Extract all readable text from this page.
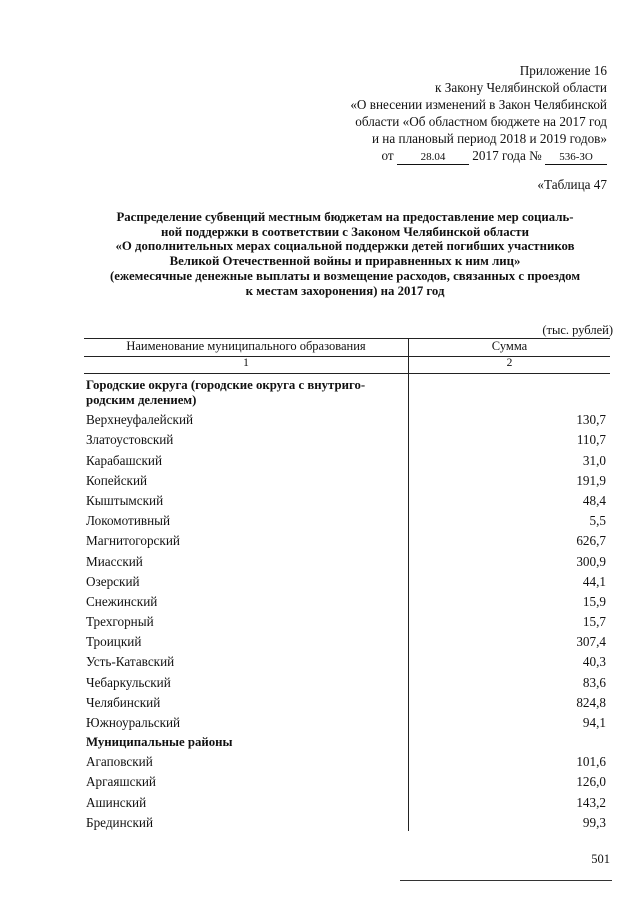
Приложение 16
к Закону Челябинской области
«О внесении изменений в Закон Челябинской
области «Об областном бюджете на 2017 год
и на плановый период 2018 и 2019 годов»
от 28.04 2017 года № 536-ЗО
«Таблица 47
Распределение субвенций местным бюджетам на предоставление мер социаль-
ной поддержки в соответствии с Законом Челябинской области
«О дополнительных мерах социальной поддержки детей погибших участников
Великой Отечественной войны и приравненных к ним лиц»
(ежемесячные денежные выплаты и возмещение расходов, связанных с проездом
к местам захоронения) на 2017 год
(тыс. рублей)
Наименование муниципального образования	Сумма
1	2
Городские округа (городские округа с внутриго-родским делением)
Верхнеуфалейский	130,7
Златоустовский	110,7
Карабашский	31,0
Копейский	191,9
Кыштымский	48,4
Локомотивный	5,5
Магнитогорский	626,7
Миасский	300,9
Озерский	44,1
Снежинский	15,9
Трехгорный	15,7
Троицкий	307,4
Усть-Катавский	40,3
Чебаркульский	83,6
Челябинский	824,8
Южноуральский	94,1
Муниципальные районы
Агаповский	101,6
Аргаяшский	126,0
Ашинский	143,2
Брединский	99,3
501
